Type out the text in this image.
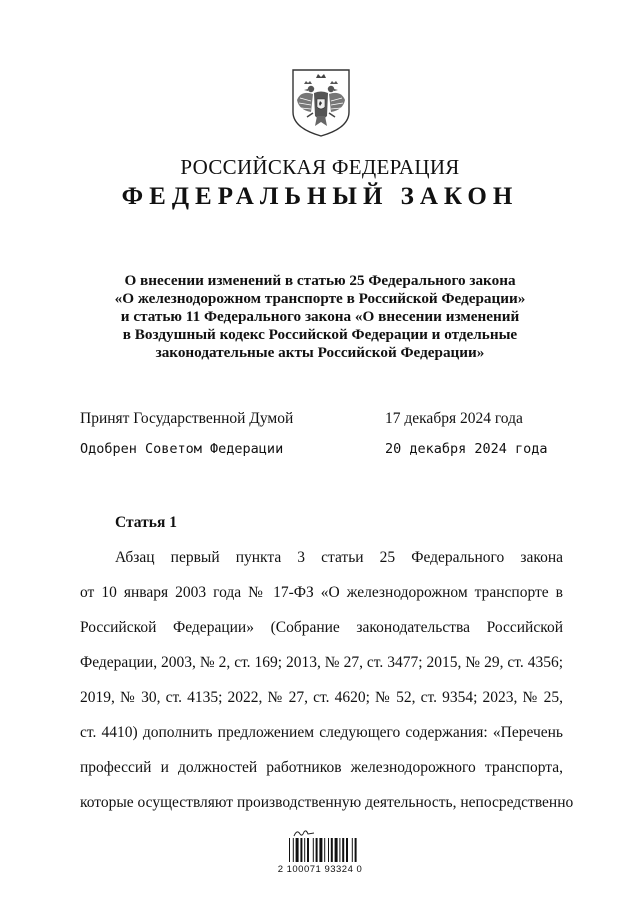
РОССИЙСКАЯ ФЕДЕРАЦИЯ
ФЕДЕРАЛЬНЫЙ ЗАКОН
О внесении изменений в статью 25 Федерального закона
«О железнодорожном транспорте в Российской Федерации»
и статью 11 Федерального закона «О внесении изменений
в Воздушный кодекс Российской Федерации и отдельные
законодательные акты Российской Федерации»
Принят Государственной Думой	17 декабря 2024 года
Одобрен Советом Федерации	20 декабря 2024 года
Статья 1
Абзац первый пункта 3 статьи 25 Федерального закона
от 10 января 2003 года № 17-ФЗ «О железнодорожном транспорте в
Российской Федерации» (Собрание законодательства Российской
Федерации, 2003, № 2, ст. 169; 2013, № 27, ст. 3477; 2015, № 29, ст. 4356;
2019, № 30, ст. 4135; 2022, № 27, ст. 4620; № 52, ст. 9354; 2023, № 25,
ст. 4410) дополнить предложением следующего содержания: «Перечень
профессий и должностей работников железнодорожного транспорта,
которые осуществляют производственную деятельность, непосредственно
2 100071 93324 0
